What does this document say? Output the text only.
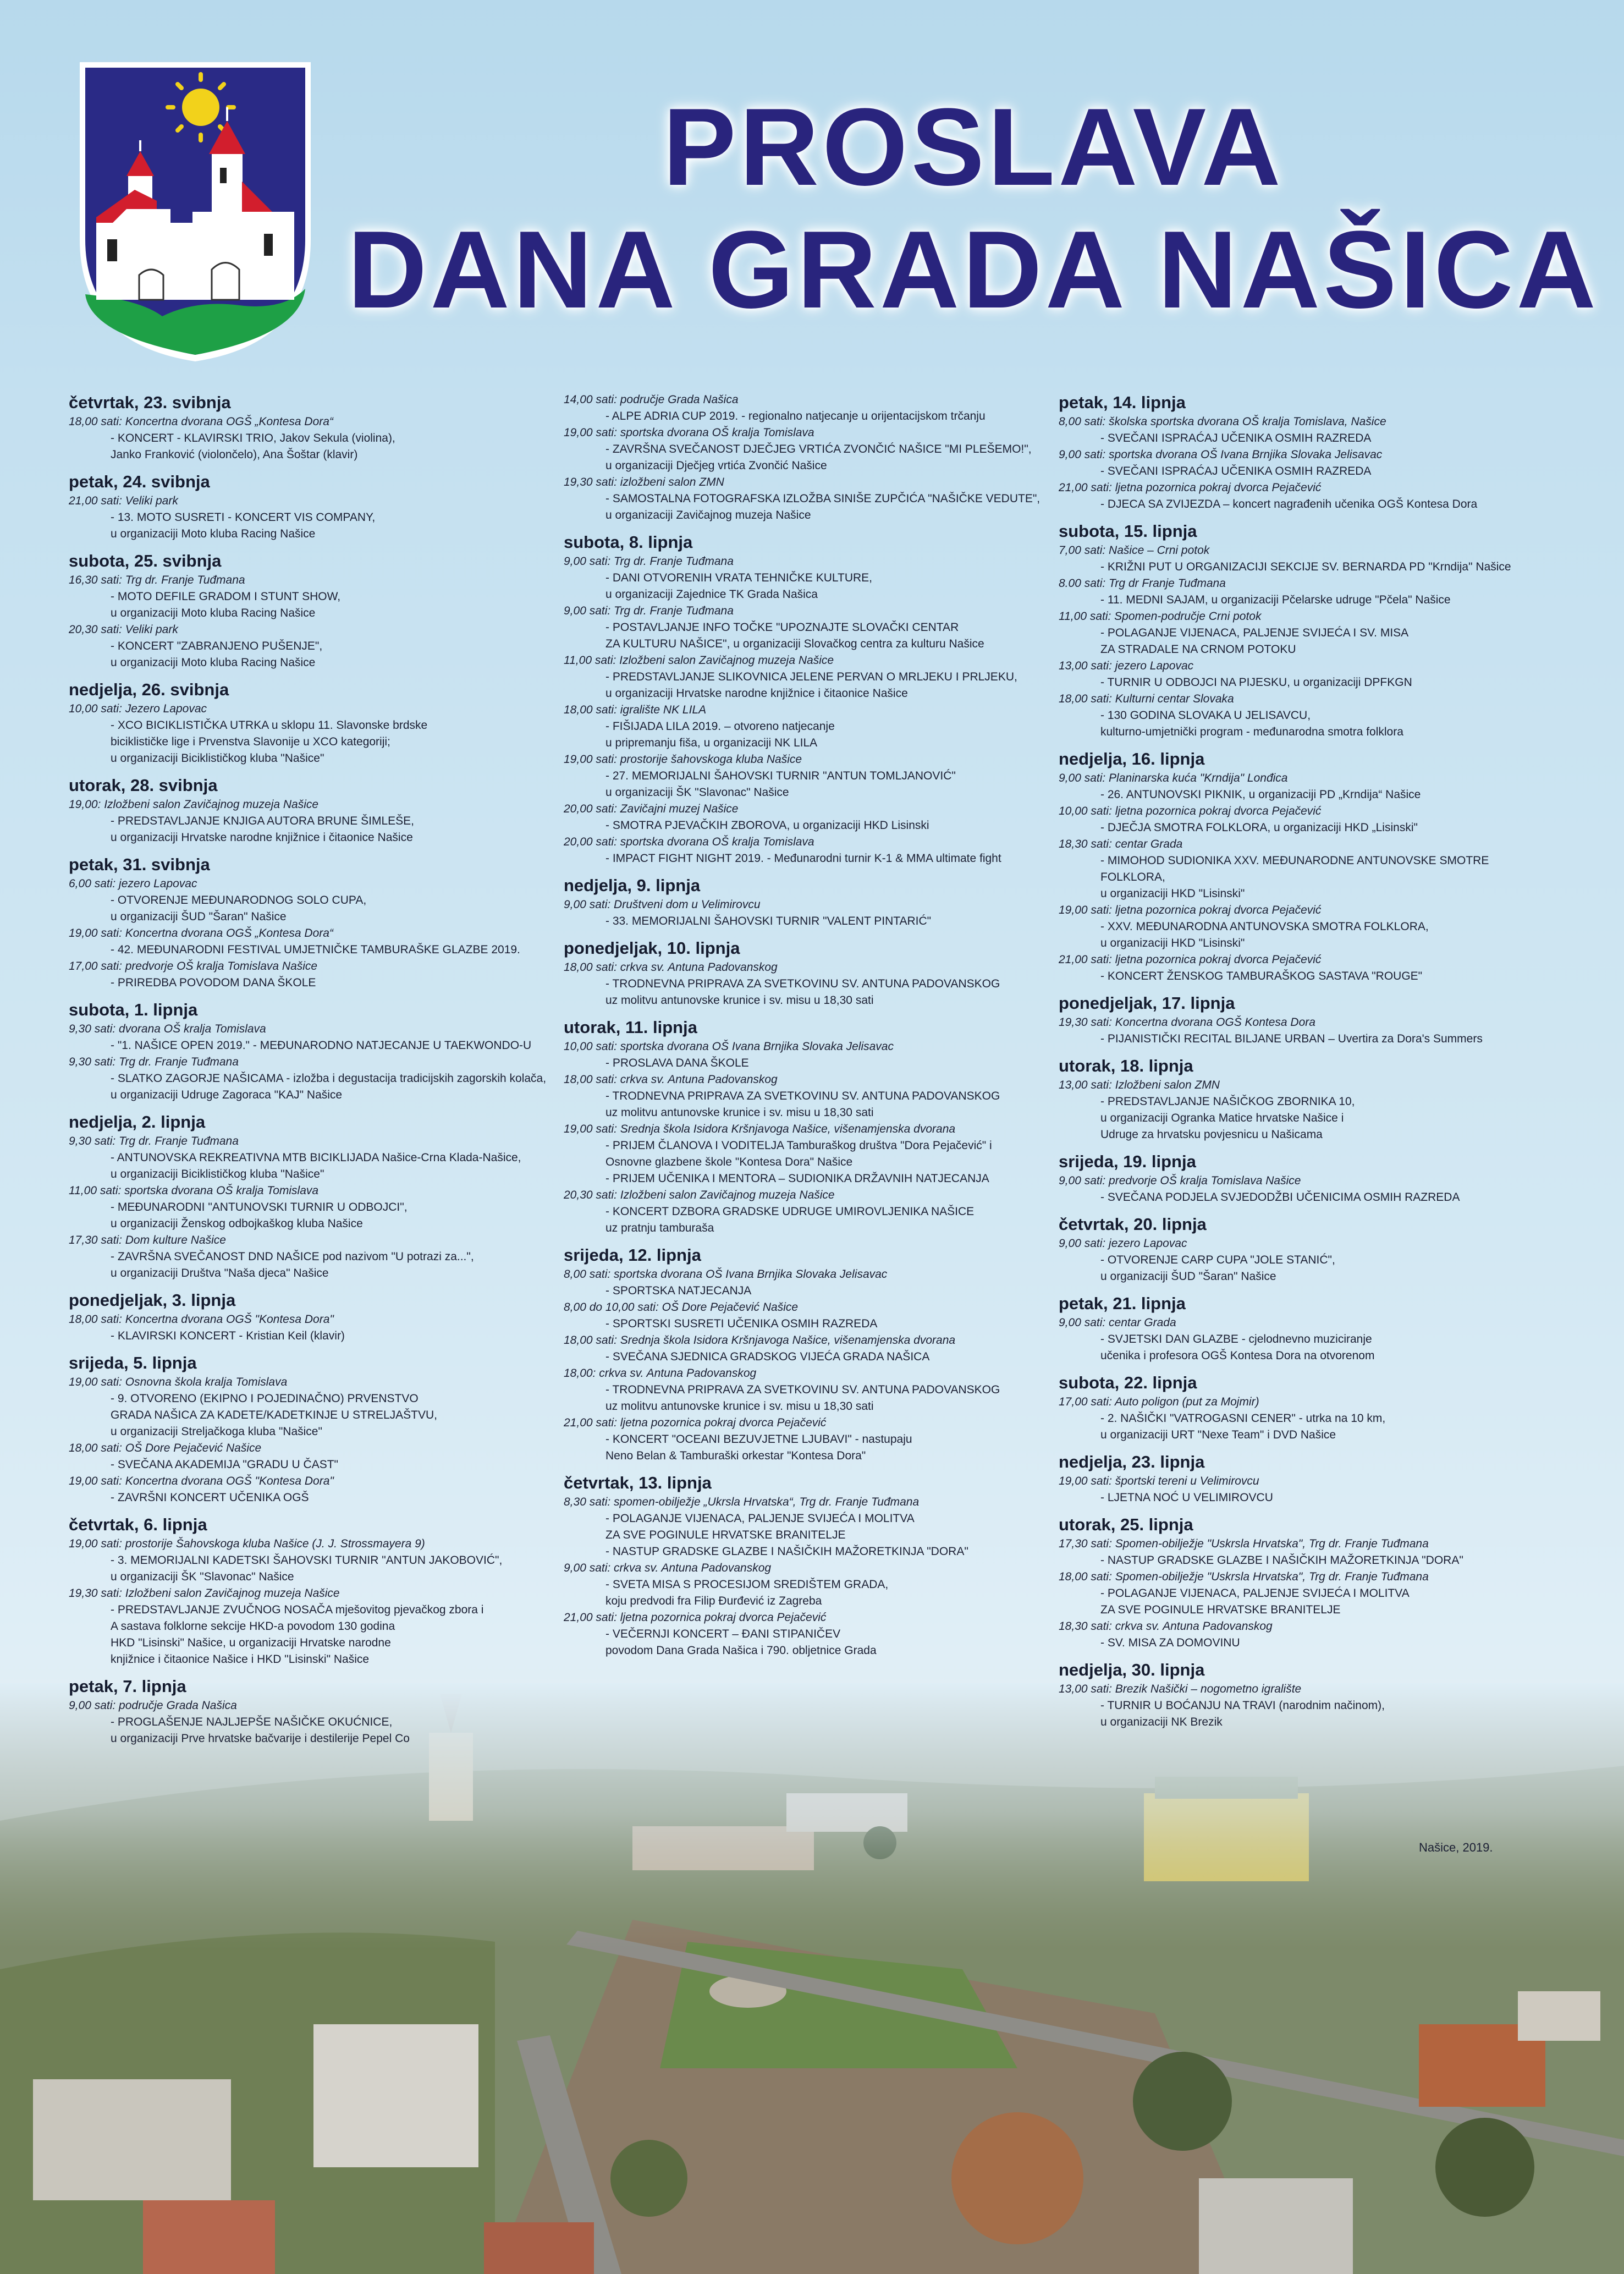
PROSLAVA
DANA GRADA NAŠICA
četvrtak, 23. svibnja
18,00 sati: Koncertna dvorana OGŠ „Kontesa Dora“
- KONCERT - KLAVIRSKI TRIO, Jakov Sekula (violina),
Janko Franković (violončelo), Ana Šoštar (klavir)
petak, 24. svibnja
21,00 sati: Veliki park
- 13. MOTO SUSRETI - KONCERT VIS COMPANY,
u organizaciji Moto kluba Racing Našice
subota, 25. svibnja
16,30 sati: Trg dr. Franje Tuđmana
- MOTO DEFILE GRADOM I STUNT SHOW,
u organizaciji Moto kluba Racing Našice
20,30 sati: Veliki park
- KONCERT "ZABRANJENO PUŠENJE",
u organizaciji Moto kluba Racing Našice
nedjelja, 26. svibnja
10,00 sati: Jezero Lapovac
- XCO BICIKLISTIČKA UTRKA u sklopu 11. Slavonske brdske
biciklističke lige i Prvenstva Slavonije u XCO kategoriji;
u organizaciji Biciklističkog kluba "Našice"
utorak, 28. svibnja
19,00: Izložbeni salon Zavičajnog muzeja Našice
- PREDSTAVLJANJE KNJIGA AUTORA BRUNE ŠIMLEŠE,
u organizaciji Hrvatske narodne knjižnice i čitaonice Našice
petak, 31. svibnja
6,00 sati: jezero Lapovac
- OTVORENJE MEĐUNARODNOG SOLO CUPA,
u organizaciji ŠUD "Šaran" Našice
19,00 sati: Koncertna dvorana OGŠ „Kontesa Dora“
- 42. MEĐUNARODNI FESTIVAL UMJETNIČKE TAMBURAŠKE GLAZBE 2019.
17,00 sati: predvorje OŠ kralja Tomislava Našice
- PRIREDBA POVODOM DANA ŠKOLE
subota, 1. lipnja
9,30 sati: dvorana OŠ kralja Tomislava
- "1. NAŠICE OPEN 2019." - MEĐUNARODNO NATJECANJE U TAEKWONDO-U
9,30 sati: Trg dr. Franje Tuđmana
- SLATKO ZAGORJE NAŠICAMA - izložba i degustacija tradicijskih zagorskih kolača,
u organizaciji Udruge Zagoraca "KAJ" Našice
nedjelja, 2. lipnja
9,30 sati: Trg dr. Franje Tuđmana
- ANTUNOVSKA REKREATIVNA MTB BICIKLIJADA Našice-Crna Klada-Našice,
u organizaciji Biciklističkog kluba "Našice"
11,00 sati: sportska dvorana OŠ kralja Tomislava
- MEĐUNARODNI "ANTUNOVSKI TURNIR U ODBOJCI",
u organizaciji Ženskog odbojkaškog kluba Našice
17,30 sati: Dom kulture Našice
- ZAVRŠNA SVEČANOST DND NAŠICE pod nazivom "U potrazi za...",
u organizaciji Društva "Naša djeca" Našice
ponedjeljak, 3. lipnja
18,00 sati: Koncertna dvorana OGŠ "Kontesa Dora"
- KLAVIRSKI KONCERT - Kristian Keil (klavir)
srijeda, 5. lipnja
19,00 sati: Osnovna škola kralja Tomislava
- 9. OTVORENO (EKIPNO I POJEDINAČNO) PRVENSTVO
GRADA NAŠICA ZA KADETE/KADETKINJE U STRELJAŠTVU,
u organizaciji Streljačkoga kluba "Našice"
18,00 sati: OŠ Dore Pejačević Našice
- SVEČANA AKADEMIJA "GRADU U ČAST"
19,00 sati: Koncertna dvorana OGŠ "Kontesa Dora"
- ZAVRŠNI KONCERT UČENIKA OGŠ
četvrtak, 6. lipnja
19,00 sati: prostorije Šahovskoga kluba Našice (J. J. Strossmayera 9)
- 3. MEMORIJALNI KADETSKI ŠAHOVSKI TURNIR "ANTUN JAKOBOVIĆ",
u organizaciji ŠK "Slavonac" Našice
19,30 sati: Izložbeni salon Zavičajnog muzeja Našice
- PREDSTAVLJANJE ZVUČNOG NOSAČA mješovitog pjevačkog zbora i
A sastava folklorne sekcije HKD-a povodom 130 godina
HKD "Lisinski" Našice, u organizaciji Hrvatske narodne
knjižnice i čitaonice Našice i HKD "Lisinski" Našice
petak, 7. lipnja
9,00 sati: područje Grada Našica
- PROGLAŠENJE NAJLJEPŠE NAŠIČKE OKUĆNICE,
u organizaciji Prve hrvatske bačvarije i destilerije Pepel Co
14,00 sati: područje Grada Našica
- ALPE ADRIA CUP 2019. - regionalno natjecanje u orijentacijskom trčanju
19,00 sati: sportska dvorana OŠ kralja Tomislava
- ZAVRŠNA SVEČANOST DJEČJEG VRTIĆA ZVONČIĆ NAŠICE "MI PLEŠEMO!",
u organizaciji Dječjeg vrtića Zvončić Našice
19,30 sati: izložbeni salon ZMN
- SAMOSTALNA FOTOGRAFSKA IZLOŽBA SINIŠE ZUPČIĆA "NAŠIČKE VEDUTE",
u organizaciji Zavičajnog muzeja Našice
subota, 8. lipnja
9,00 sati: Trg dr. Franje Tuđmana
- DANI OTVORENIH VRATA TEHNIČKE KULTURE,
u organizaciji Zajednice TK Grada Našica
9,00 sati: Trg dr. Franje Tuđmana
- POSTAVLJANJE INFO TOČKE "UPOZNAJTE SLOVAČKI CENTAR
ZA KULTURU NAŠICE", u organizaciji Slovačkog centra za kulturu Našice
11,00 sati: Izložbeni salon Zavičajnog muzeja Našice
- PREDSTAVLJANJE SLIKOVNICA JELENE PERVAN O MRLJEKU I PRLJEKU,
u organizaciji Hrvatske narodne knjižnice i čitaonice Našice
18,00 sati: igralište NK LILA
- FIŠIJADA LILA 2019. – otvoreno natjecanje
u pripremanju fiša, u organizaciji NK LILA
19,00 sati: prostorije šahovskoga kluba Našice
- 27. MEMORIJALNI ŠAHOVSKI TURNIR "ANTUN TOMLJANOVIĆ"
u organizaciji ŠK "Slavonac" Našice
20,00 sati: Zavičajni muzej Našice
- SMOTRA PJEVAČKIH ZBOROVA, u organizaciji HKD Lisinski
20,00 sati: sportska dvorana OŠ kralja Tomislava
- IMPACT FIGHT NIGHT 2019. - Međunarodni turnir K-1 & MMA ultimate fight
nedjelja, 9. lipnja
9,00 sati: Društveni dom u Velimirovcu
- 33. MEMORIJALNI ŠAHOVSKI TURNIR "VALENT PINTARIĆ"
ponedjeljak, 10. lipnja
18,00 sati: crkva sv. Antuna Padovanskog
- TRODNEVNA PRIPRAVA ZA SVETKOVINU SV. ANTUNA PADOVANSKOG
uz molitvu antunovske krunice i sv. misu u 18,30 sati
utorak, 11. lipnja
10,00 sati: sportska dvorana OŠ Ivana Brnjika Slovaka Jelisavac
- PROSLAVA DANA ŠKOLE
18,00 sati: crkva sv. Antuna Padovanskog
- TRODNEVNA PRIPRAVA ZA SVETKOVINU SV. ANTUNA PADOVANSKOG
uz molitvu antunovske krunice i sv. misu u 18,30 sati
19,00 sati: Srednja škola Isidora Kršnjavoga Našice, višenamjenska dvorana
- PRIJEM ČLANOVA I VODITELJA Tamburaškog društva "Dora Pejačević" i
Osnovne glazbene škole "Kontesa Dora" Našice
- PRIJEM UČENIKA I MENTORA – SUDIONIKA DRŽAVNIH NATJECANJA
20,30 sati: Izložbeni salon Zavičajnog muzeja Našice
- KONCERT DZBORA GRADSKE UDRUGE UMIROVLJENIKA NAŠICE
uz pratnju tamburaša
srijeda, 12. lipnja
8,00 sati: sportska dvorana OŠ Ivana Brnjika Slovaka Jelisavac
- SPORTSKA NATJECANJA
8,00 do 10,00 sati: OŠ Dore Pejačević Našice
- SPORTSKI SUSRETI UČENIKA OSMIH RAZREDA
18,00 sati: Srednja škola Isidora Kršnjavoga Našice, višenamjenska dvorana
- SVEČANA SJEDNICA GRADSKOG VIJEĆA GRADA NAŠICA
18,00: crkva sv. Antuna Padovanskog
- TRODNEVNA PRIPRAVA ZA SVETKOVINU SV. ANTUNA PADOVANSKOG
uz molitvu antunovske krunice i sv. misu u 18,30 sati
21,00 sati: ljetna pozornica pokraj dvorca Pejačević
- KONCERT "OCEANI BEZUVJETNE LJUBAVI" - nastupaju
Neno Belan & Tamburaški orkestar "Kontesa Dora"
četvrtak, 13. lipnja
8,30 sati: spomen-obilježje „Ukrsla Hrvatska“, Trg dr. Franje Tuđmana
- POLAGANJE VIJENACA, PALJENJE SVIJEĆA I MOLITVA
ZA SVE POGINULE HRVATSKE BRANITELJE
- NASTUP GRADSKE GLAZBE I NAŠIČKIH MAŽORETKINJA "DORA"
9,00 sati: crkva sv. Antuna Padovanskog
- SVETA MISA S PROCESIJOM SREDIŠTEM GRADA,
koju predvodi fra Filip Đurđević iz Zagreba
21,00 sati: ljetna pozornica pokraj dvorca Pejačević
- VEČERNJI KONCERT – ĐANI STIPANIČEV
povodom Dana Grada Našica i 790. obljetnice Grada
petak, 14. lipnja
8,00 sati: školska sportska dvorana OŠ kralja Tomislava, Našice
- SVEČANI ISPRAĆAJ UČENIKA OSMIH RAZREDA
9,00 sati: sportska dvorana OŠ Ivana Brnjika Slovaka Jelisavac
- SVEČANI ISPRAĆAJ UČENIKA OSMIH RAZREDA
21,00 sati: ljetna pozornica pokraj dvorca Pejačević
- DJECA SA ZVIJEZDA – koncert nagrađenih učenika OGŠ Kontesa Dora
subota, 15. lipnja
7,00 sati: Našice – Crni potok
- KRIŽNI PUT U ORGANIZACIJI SEKCIJE SV. BERNARDA PD "Krndija" Našice
8.00 sati: Trg dr Franje Tuđmana
- 11. MEDNI SAJAM, u organizaciji Pčelarske udruge "Pčela" Našice
11,00 sati: Spomen-područje Crni potok
- POLAGANJE VIJENACA, PALJENJE SVIJEĆA I SV. MISA
ZA STRADALE NA CRNOM POTOKU
13,00 sati: jezero Lapovac
- TURNIR U ODBOJCI NA PIJESKU, u organizaciji DPFKGN
18,00 sati: Kulturni centar Slovaka
- 130 GODINA SLOVAKA U JELISAVCU,
kulturno-umjetnički program - međunarodna smotra folklora
nedjelja, 16. lipnja
9,00 sati: Planinarska kuća "Krndija" Lonđica
- 26. ANTUNOVSKI PIKNIK, u organizaciji PD „Krndija“ Našice
10,00 sati: ljetna pozornica pokraj dvorca Pejačević
- DJEČJA SMOTRA FOLKLORA, u organizaciji HKD „Lisinski"
18,30 sati: centar Grada
- MIMOHOD SUDIONIKA XXV. MEĐUNARODNE ANTUNOVSKE SMOTRE FOLKLORA,
u organizaciji HKD "Lisinski"
19,00 sati: ljetna pozornica pokraj dvorca Pejačević
- XXV. MEĐUNARODNA ANTUNOVSKA SMOTRA FOLKLORA,
u organizaciji HKD "Lisinski"
21,00 sati: ljetna pozornica pokraj dvorca Pejačević
- KONCERT ŽENSKOG TAMBURAŠKOG SASTAVA "ROUGE"
ponedjeljak, 17. lipnja
19,30 sati: Koncertna dvorana OGŠ Kontesa Dora
- PIJANISTIČKI RECITAL BILJANE URBAN – Uvertira za Dora's Summers
utorak, 18. lipnja
13,00 sati: Izložbeni salon ZMN
- PREDSTAVLJANJE NAŠIČKOG ZBORNIKA 10,
u organizaciji Ogranka Matice hrvatske Našice i
Udruge za hrvatsku povjesnicu u Našicama
srijeda, 19. lipnja
9,00 sati: predvorje OŠ kralja Tomislava Našice
- SVEČANA PODJELA SVJEDODŽBI UČENICIMA OSMIH RAZREDA
četvrtak, 20. lipnja
9,00 sati: jezero Lapovac
- OTVORENJE CARP CUPA "JOLE STANIĆ",
u organizaciji ŠUD "Šaran" Našice
petak, 21. lipnja
9,00 sati: centar Grada
- SVJETSKI DAN GLAZBE - cjelodnevno muziciranje
učenika i profesora OGŠ Kontesa Dora na otvorenom
subota, 22. lipnja
17,00 sati: Auto poligon (put za Mojmir)
- 2. NAŠIČKI "VATROGASNI CENER" - utrka na 10 km,
u organizaciji URT "Nexe Team" i DVD Našice
nedjelja, 23. lipnja
19,00 sati: športski tereni u Velimirovcu
- LJETNA NOĆ U VELIMIROVCU
utorak, 25. lipnja
17,30 sati: Spomen-obilježje "Uskrsla Hrvatska", Trg dr. Franje Tuđmana
- NASTUP GRADSKE GLAZBE I NAŠIČKIH MAŽORETKINJA "DORA"
18,00 sati: Spomen-obilježje "Uskrsla Hrvatska", Trg dr. Franje Tuđmana
- POLAGANJE VIJENACA, PALJENJE SVIJEĆA I MOLITVA
ZA SVE POGINULE HRVATSKE BRANITELJE
18,30 sati: crkva sv. Antuna Padovanskog
- SV. MISA ZA DOMOVINU
nedjelja, 30. lipnja
13,00 sati: Brezik Našički – nogometno igralište
- TURNIR U BOĆANJU NA TRAVI (narodnim načinom),
u organizaciji NK Brezik
Našice, 2019.
